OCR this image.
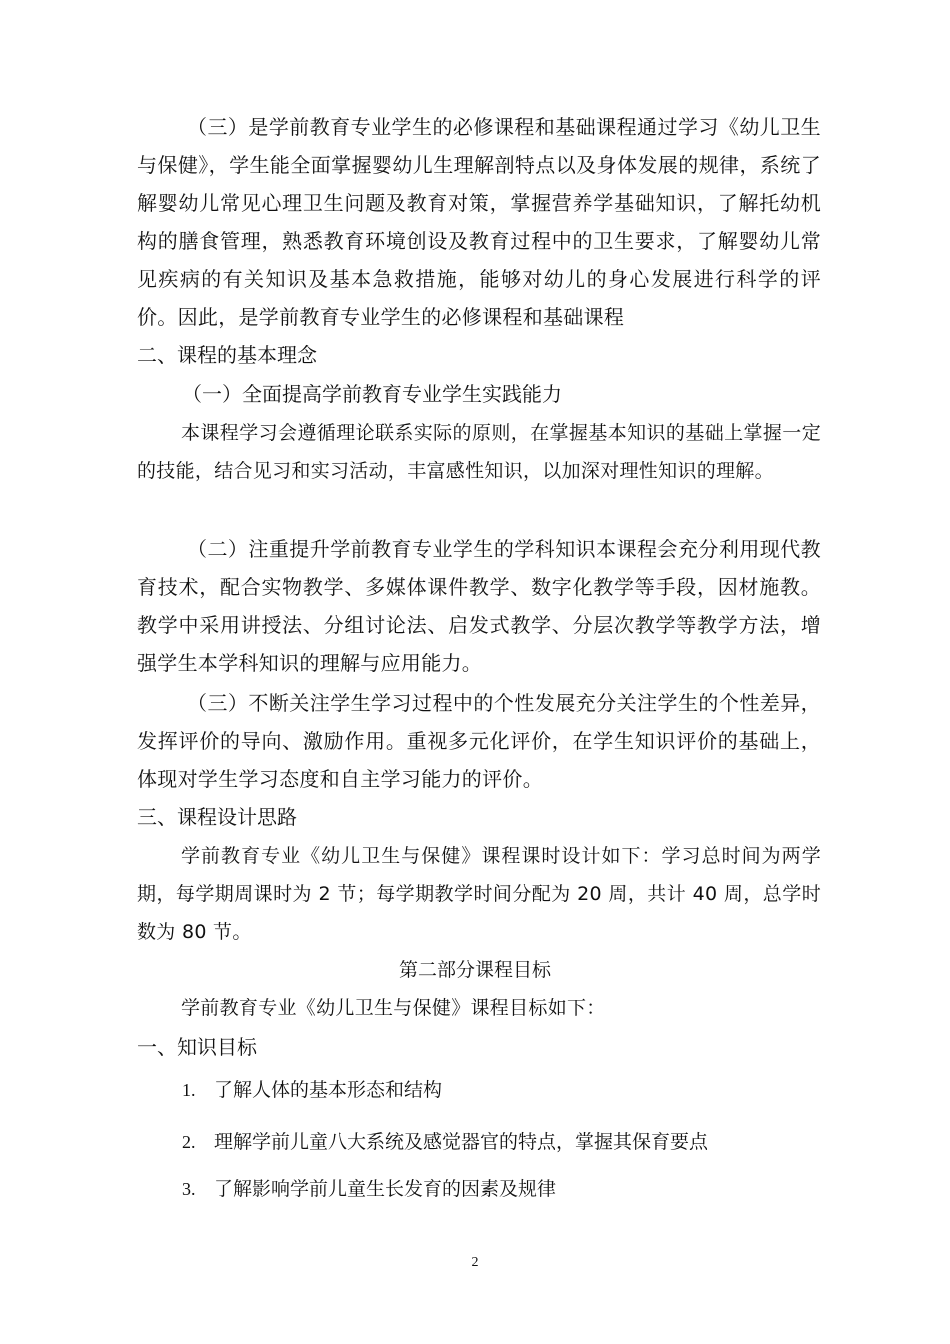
（三）是学前教育专业学生的必修课程和基础课程通过学习《幼儿卫生与保健》，学生能全面掌握婴幼儿生理解剖特点以及身体发展的规律，系统了解婴幼儿常见心理卫生问题及教育对策，掌握营养学基础知识，了解托幼机构的膳食管理，熟悉教育环境创设及教育过程中的卫生要求，了解婴幼儿常见疾病的有关知识及基本急救措施，能够对幼儿的身心发展进行科学的评价。因此，是学前教育专业学生的必修课程和基础课程

二、课程的基本理念
（一）全面提高学前教育专业学生实践能力

本课程学习会遵循理论联系实际的原则，在掌握基本知识的基础上掌握一定的技能，结合见习和实习活动，丰富感性知识，以加深对理性知识的理解。

（二）注重提升学前教育专业学生的学科知识本课程会充分利用现代教育技术，配合实物教学、多媒体课件教学、数字化教学等手段，因材施教。教学中采用讲授法、分组讨论法、启发式教学、分层次教学等教学方法，增强学生本学科知识的理解与应用能力。

（三）不断关注学生学习过程中的个性发展充分关注学生的个性差异，发挥评价的导向、激励作用。重视多元化评价，在学生知识评价的基础上，体现对学生学习态度和自主学习能力的评价。

三、课程设计思路

学前教育专业《幼儿卫生与保健》课程课时设计如下：学习总时间为两学期，每学期周课时为 2 节；每学期教学时间分配为 20 周，共计 40 周，总学时数为 80 节。

第二部分课程目标

学前教育专业《幼儿卫生与保健》课程目标如下：

一、知识目标
1. 了解人体的基本形态和结构
2. 理解学前儿童八大系统及感觉器官的特点，掌握其保育要点
3. 了解影响学前儿童生长发育的因素及规律
2
